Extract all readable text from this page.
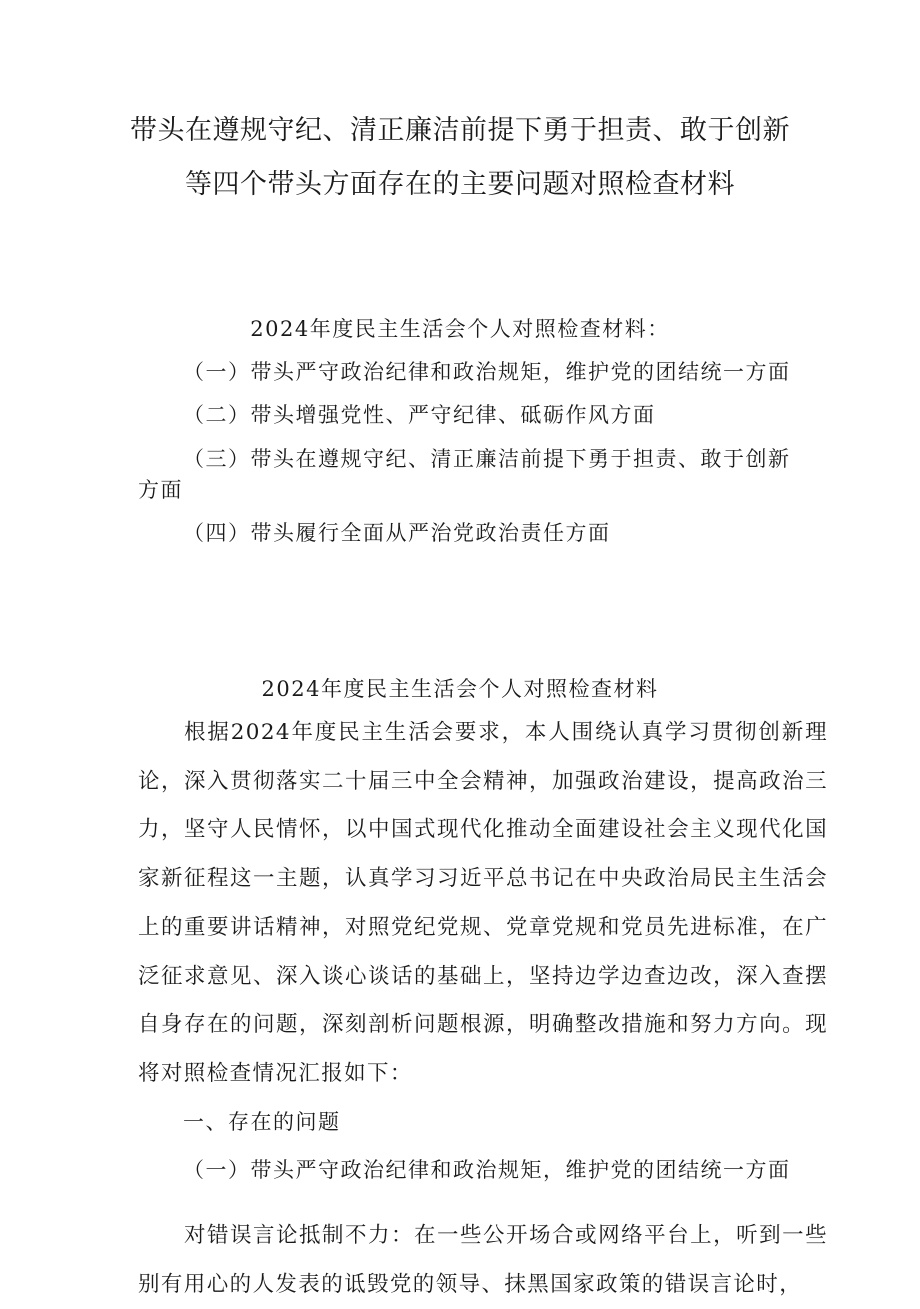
带头在遵规守纪、清正廉洁前提下勇于担责、敢于创新
等四个带头方面存在的主要问题对照检查材料
2024年度民主生活会个人对照检查材料：
（一）带头严守政治纪律和政治规矩，维护党的团结统一方面
（二）带头增强党性、严守纪律、砥砺作风方面
（三）带头在遵规守纪、清正廉洁前提下勇于担责、敢于创新
方面
（四）带头履行全面从严治党政治责任方面
2024年度民主生活会个人对照检查材料
根据2024年度民主生活会要求，本人围绕认真学习贯彻创新理论，深入贯彻落实二十届三中全会精神，加强政治建设，提高政治三力，坚守人民情怀，以中国式现代化推动全面建设社会主义现代化国家新征程这一主题，认真学习习近平总书记在中央政治局民主生活会上的重要讲话精神，对照党纪党规、党章党规和党员先进标准，在广泛征求意见、深入谈心谈话的基础上，坚持边学边查边改，深入查摆自身存在的问题，深刻剖析问题根源，明确整改措施和努力方向。现将对照检查情况汇报如下：
一、存在的问题
（一）带头严守政治纪律和政治规矩，维护党的团结统一方面
对错误言论抵制不力：在一些公开场合或网络平台上，听到一些别有用心的人发表的诋毁党的领导、抹黑国家政策的错误言论时，
